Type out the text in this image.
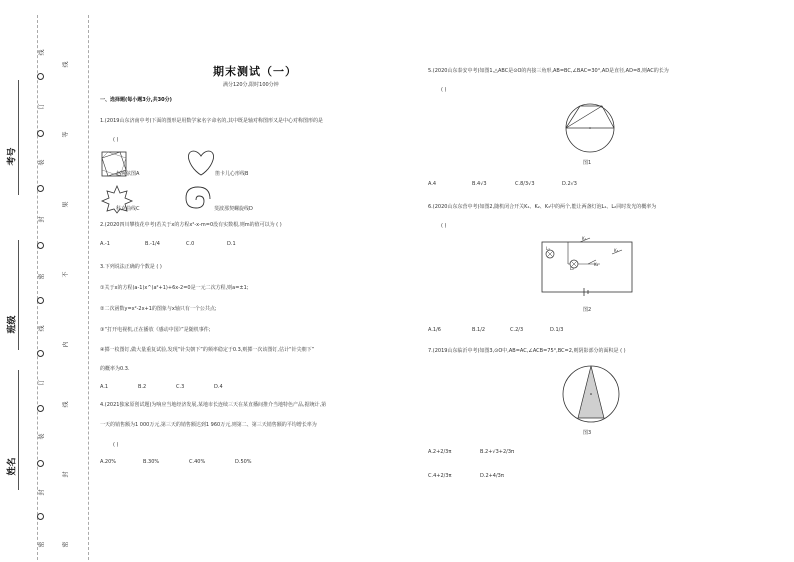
考号
班级
姓名
线
订
装
封
密
线
订
装
封
密
线
等
果
不
内
线
封
密
期末测试（一）
满分120分,限时100分钟
一、选择题(每小题3分,共30分)
1.(2019山东济南中考)下面的图形是用数学家名字命名的,其中既是轴对称图形又是中心对称图形的是
( )
赵爽弦图A	笛卡儿心形线B
科克曲线C	斐波那契螺旋线D
2.(2020四川攀枝花中考)若关于x的方程x²-x-m=0没有实数根,则m的值可以为 ( )
A.-1	B.-1/4	C.0	D.1
3.下列说法正确的个数是 ( )
①关于x的方程(a-1)x^(a²+1)+6x-2=0是一元二次方程,则a=±1;
②二次函数y=x²-2x+1的图象与x轴只有一个公共点;
③“打开电视机,正在播放《感动中国》”是随机事件;
④掷一枚图钉,做大量重复试验,发现“针尖朝下”的频率稳定于0.3,则掷一次该图钉,估计“针尖朝下”
的概率为0.3.
A.1	B.2	C.3	D.4
4.(2021独家原创试题)为响应当地经济发展,某地市长连续三天在某直播间推介当地特色产品,据统计,第
一天的销售额为1 000万元,第三天的销售额达到1 960万元,则第二、第三天销售额的平均增长率为
( )
A.20%	B.30%	C.40%	D.50%
5.(2020山东泰安中考)如图1,△ABC是⊙O的内接三角形,AB=BC,∠BAC=30°,AD是直径,AD=8,则AC的长为
( )
图1
A.4	B.4√3	C.8/3√3	D.2√3
6.(2020山东东营中考)如图2,随机闭合开关K₁、K₂、K₃中的两个,能让两盏灯泡L₁、L₂同时发光的概率为
( )
L₁
K₁
L₂
K₂
K₃
图2
A.1/6	B.1/2	C.2/3	D.1/3
7.(2019山东临沂中考)如图3,⊙O中,AB=AC,∠ACB=75°,BC=2,则阴影部分的面积是 ( )
图3
A.2+2/3π	B.2+√3+2/3π
C.4+2/3π	D.2+4/3π
